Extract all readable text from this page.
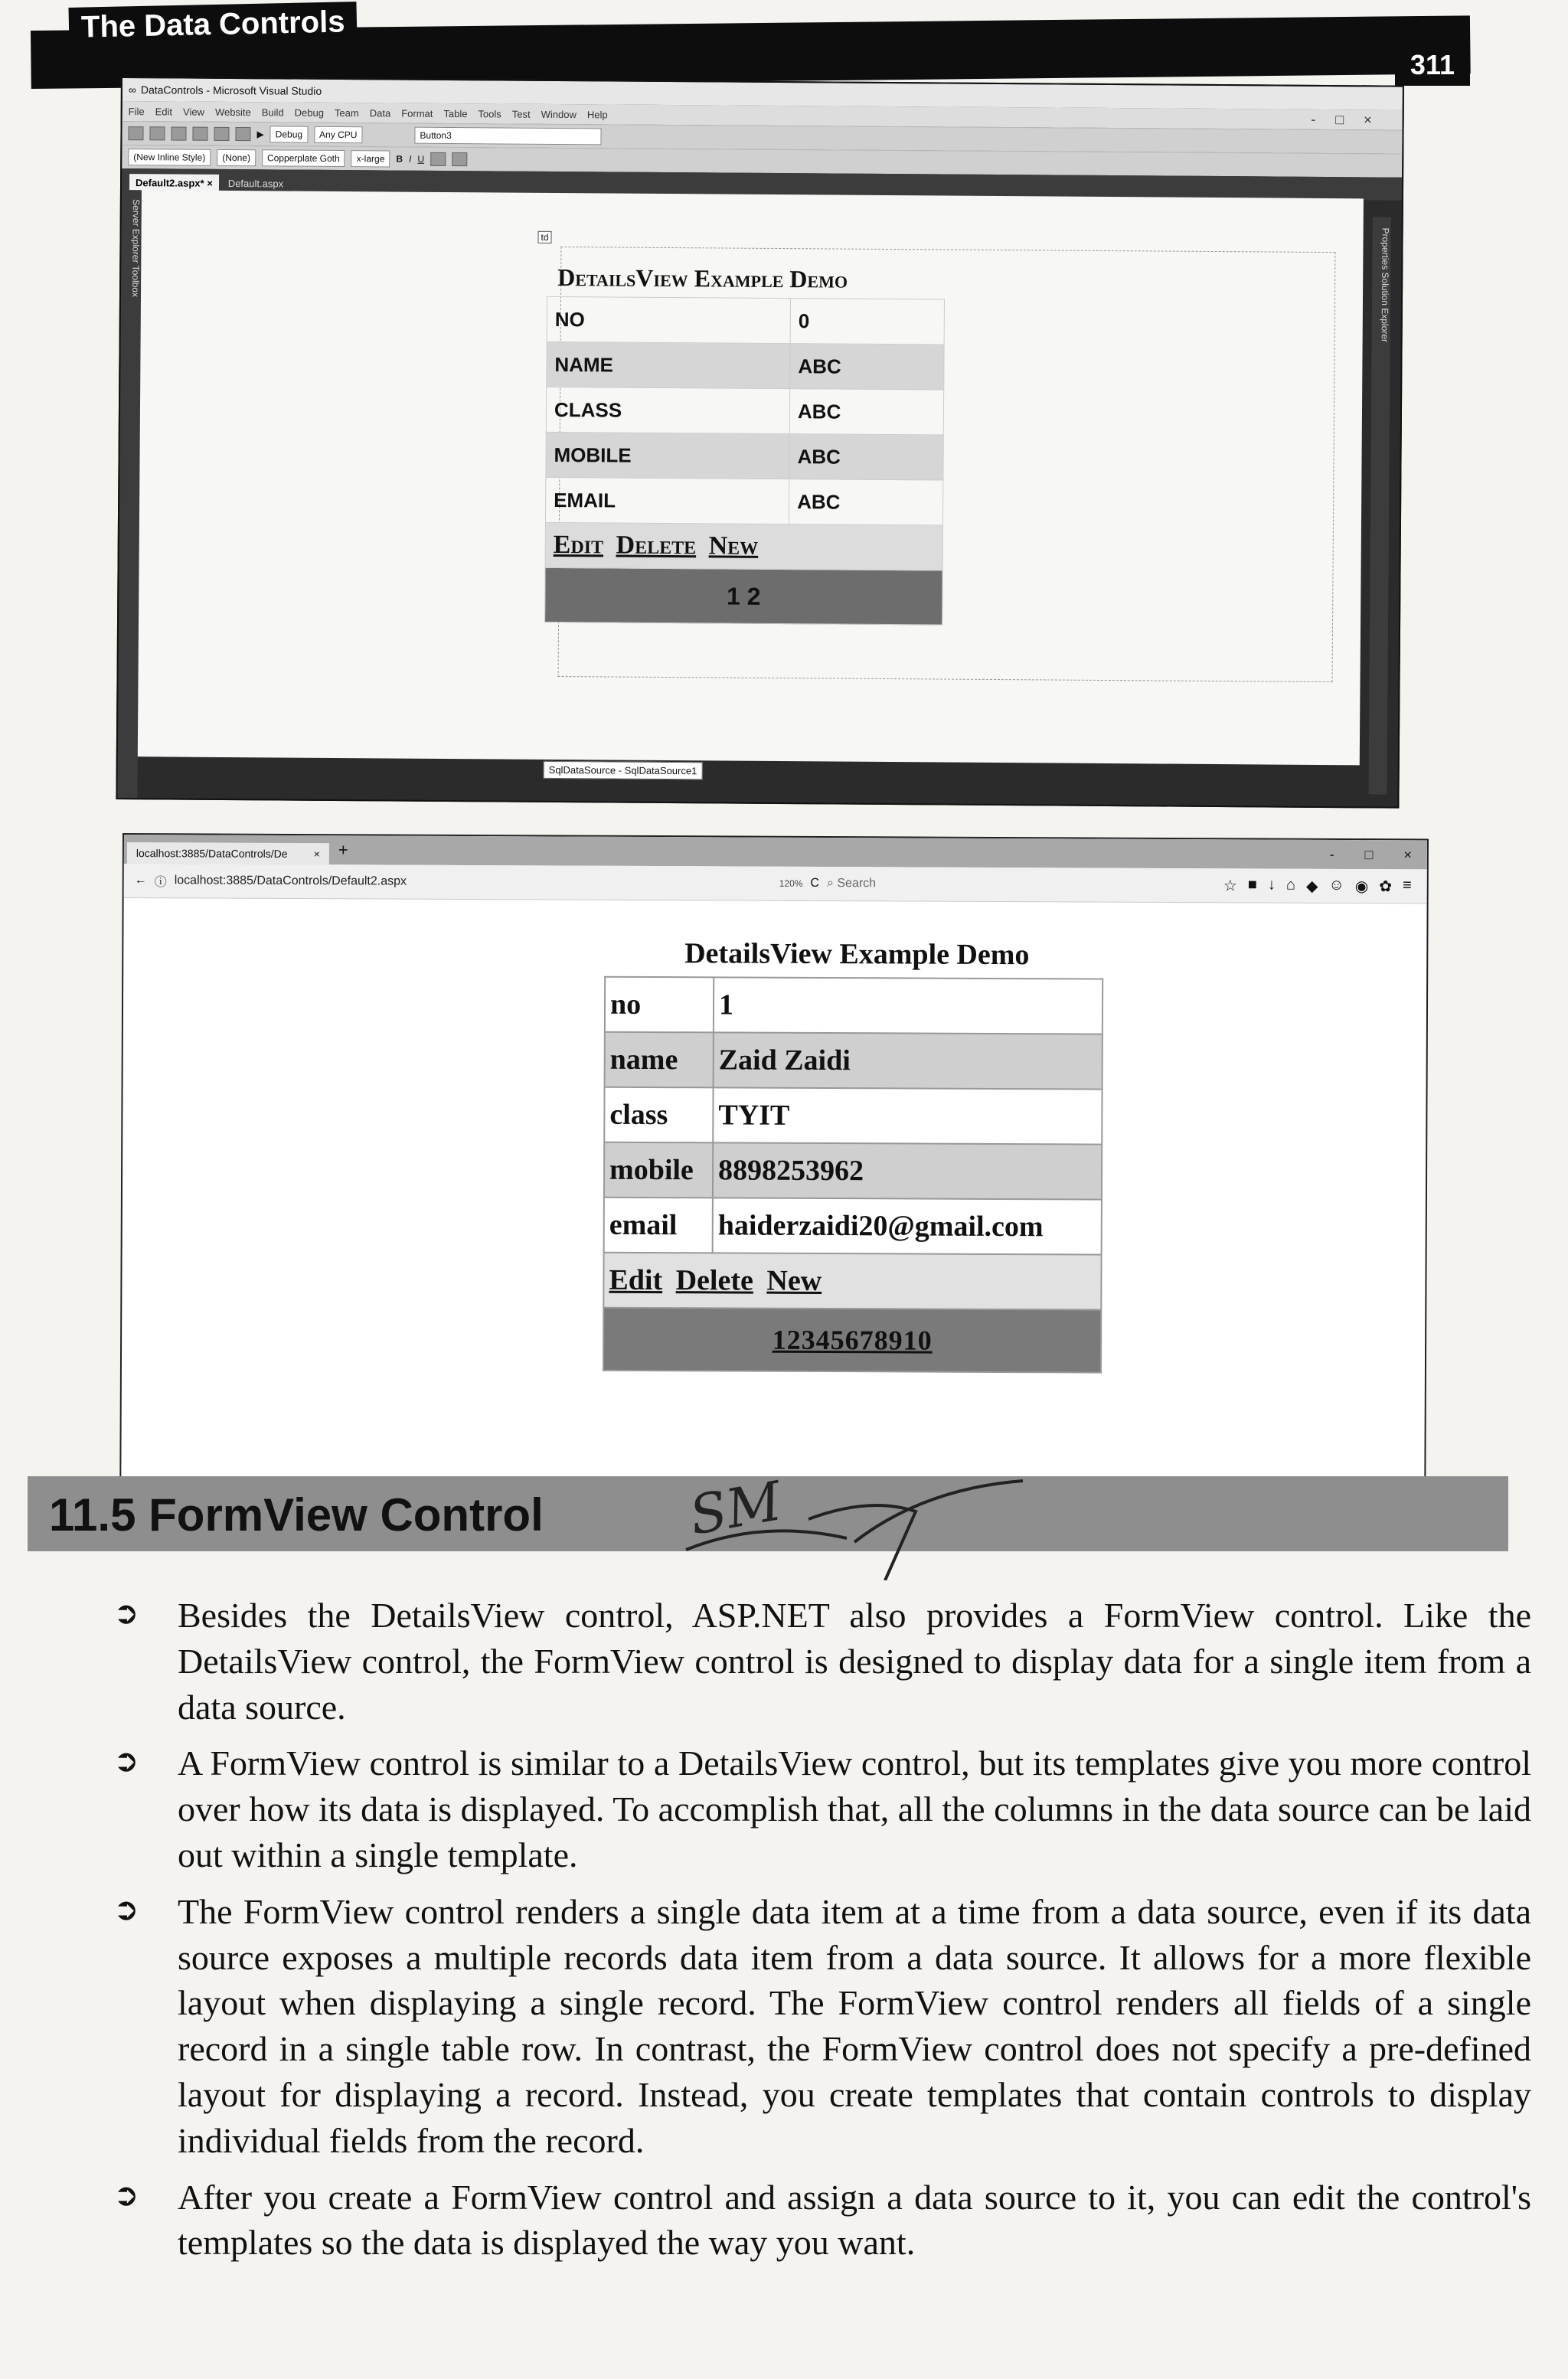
The Data Controls
311
∞ DataControls - Microsoft Visual Studio
File Edit View Website Build Debug Team Data Format Table Tools Test Window Help	- □ ×
▶	Debug	Any CPU	Button3
(New Inline Style)	(None)	Copperplate Goth	x-large	B I U
Default2.aspx* ×	Default.aspx
Server Explorer Toolbox	td
DetailsView Example Demo
NO	0
NAME	ABC
CLASS	ABC
MOBILE	ABC
EMAIL	ABC
Edit Delete New	
1 2	
SqlDataSource - SqlDataSource1
Properties Solution Explorer
localhost:3885/DataControls/De ×	+	- □ ×
← ⓘ localhost:3885/DataControls/Default2.aspx	120% C ⌕ Search	☆ ■ ↓ ⌂ ◆ ☺ ◉ ✿ ≡
DetailsView Example Demo
no	1
name	Zaid Zaidi
class	TYIT
mobile	8898253962
email	haiderzaidi20@gmail.com
Edit Delete New	
12345678910	
11.5 FormView Control	SM
➲ Besides the DetailsView control, ASP.NET also provides a FormView control. Like the DetailsView control, the FormView control is designed to display data for a single item from a data source.
➲ A FormView control is similar to a DetailsView control, but its templates give you more control over how its data is displayed. To accomplish that, all the columns in the data source can be laid out within a single template.
➲ The FormView control renders a single data item at a time from a data source, even if its data source exposes a multiple records data item from a data source. It allows for a more flexible layout when displaying a single record. The FormView control renders all fields of a single record in a single table row. In contrast, the FormView control does not specify a pre-defined layout for displaying a record. Instead, you create templates that contain controls to display individual fields from the record.
➲ After you create a FormView control and assign a data source to it, you can edit the control's templates so the data is displayed the way you want.
